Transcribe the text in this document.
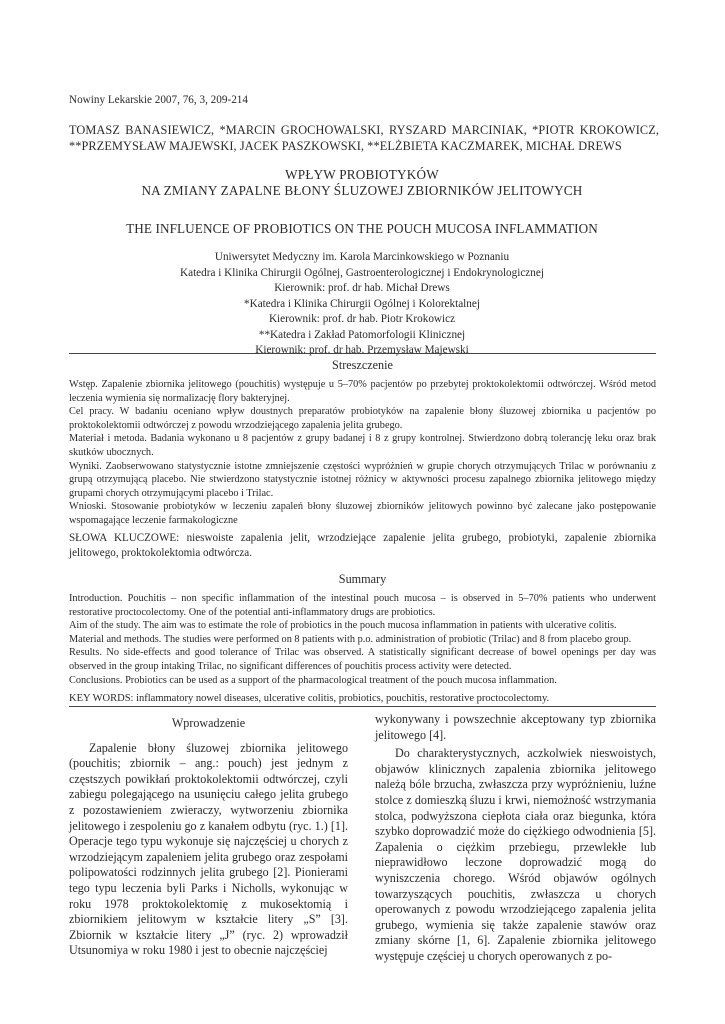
Nowiny Lekarskie 2007, 76, 3, 209-214
TOMASZ BANASIEWICZ, *MARCIN GROCHOWALSKI, RYSZARD MARCINIAK, *PIOTR KROKOWICZ, **PRZEMYSŁAW MAJEWSKI, JACEK PASZKOWSKI, **ELŻBIETA KACZMAREK, MICHAŁ DREWS
WPŁYW PROBIOTYKÓW
NA ZMIANY ZAPALNE BŁONY ŚLUZOWEJ ZBIORNIKÓW JELITOWYCH
THE INFLUENCE OF PROBIOTICS ON THE POUCH MUCOSA INFLAMMATION
Uniwersytet Medyczny im. Karola Marcinkowskiego w Poznaniu
Katedra i Klinika Chirurgii Ogólnej, Gastroenterologicznej i Endokrynologicznej
Kierownik: prof. dr hab. Michał Drews
*Katedra i Klinika Chirurgii Ogólnej i Kolorektalnej
Kierownik: prof. dr hab. Piotr Krokowicz
**Katedra i Zakład Patomorfologii Klinicznej
Kierownik: prof. dr hab. Przemysław Majewski
Streszczenie

Wstęp. Zapalenie zbiornika jelitowego (pouchitis) występuje u 5–70% pacjentów po przebytej proktokolektomii odtwórczej. Wśród metod leczenia wymienia się normalizację flory bakteryjnej.

Cel pracy. W badaniu oceniano wpływ doustnych preparatów probiotyków na zapalenie błony śluzowej zbiornika u pacjentów po proktokolektomii odtwórczej z powodu wrzodziejącego zapalenia jelita grubego.

Materiał i metoda. Badania wykonano u 8 pacjentów z grupy badanej i 8 z grupy kontrolnej. Stwierdzono dobrą tolerancję leku oraz brak skutków ubocznych.

Wyniki. Zaobserwowano statystycznie istotne zmniejszenie częstości wypróżnień w grupie chorych otrzymujących Trilac w porównaniu z grupą otrzymującą placebo. Nie stwierdzono statystycznie istotnej różnicy w aktywności procesu zapalnego zbiornika jelitowego między grupami chorych otrzymującymi placebo i Trilac.

Wnioski. Stosowanie probiotyków w leczeniu zapaleń błony śluzowej zbiorników jelitowych powinno być zalecane jako postępowanie wspomagające leczenie farmakologiczne

SŁOWA KLUCZOWE: nieswoiste zapalenia jelit, wrzodziejące zapalenie jelita grubego, probiotyki, zapalenie zbiornika jelitowego, proktokolektomia odtwórcza.
Summary

Introduction. Pouchitis – non specific inflammation of the intestinal pouch mucosa – is observed in 5–70% patients who underwent restorative proctocolectomy. One of the potential anti-inflammatory drugs are probiotics.

Aim of the study. The aim was to estimate the role of probiotics in the pouch mucosa inflammation in patients with ulcerative colitis.

Material and methods. The studies were performed on 8 patients with p.o. administration of probiotic (Trilac) and 8 from placebo group.

Results. No side-effects and good tolerance of Trilac was observed. A statistically significant decrease of bowel openings per day was observed in the group intaking Trilac, no significant differences of pouchitis process activity were detected.

Conclusions. Probiotics can be used as a support of the pharmacological treatment of the pouch mucosa inflammation.

KEY WORDS: inflammatory nowel diseases, ulcerative colitis, probiotics, pouchitis, restorative proctocolectomy.

Wprowadzenie

Zapalenie błony śluzowej zbiornika jelitowego (pouchitis; zbiornik – ang.: pouch) jest jednym z częstszych powikłań proktokolektomii odtwórczej, czyli zabiegu polegającego na usunięciu całego jelita grubego z pozostawieniem zwieraczy, wytworzeniu zbiornika jelitowego i zespoleniu go z kanałem odbytu (ryc. 1.) [1]. Operacje tego typu wykonuje się najczęściej u chorych z wrzodziejącym zapaleniem jelita grubego oraz zespołami polipowatości rodzinnych jelita grubego [2]. Pionierami tego typu leczenia byli Parks i Nicholls, wykonując w roku 1978 proktokolektomię z mukosektomią i zbiornikiem jelitowym w kształcie litery „S” [3]. Zbiornik w kształcie litery „J” (ryc. 2) wprowadził Utsunomiya w roku 1980 i jest to obecnie najczęściej

wykonywany i powszechnie akceptowany typ zbiornika jelitowego [4].

Do charakterystycznych, aczkolwiek nieswoistych, objawów klinicznych zapalenia zbiornika jelitowego należą bóle brzucha, zwłaszcza przy wypróżnieniu, luźne stolce z domieszką śluzu i krwi, niemożność wstrzymania stolca, podwyższona ciepłota ciała oraz biegunka, która szybko doprowadzić może do ciężkiego odwodnienia [5]. Zapalenia o ciężkim przebiegu, przewlekłe lub nieprawidłowo leczone doprowadzić mogą do wyniszczenia chorego. Wśród objawów ogólnych towarzyszących pouchitis, zwłaszcza u chorych operowanych z powodu wrzodziejącego zapalenia jelita grubego, wymienia się także zapalenie stawów oraz zmiany skórne [1, 6]. Zapalenie zbiornika jelitowego występuje częściej u chorych operowanych z po-
